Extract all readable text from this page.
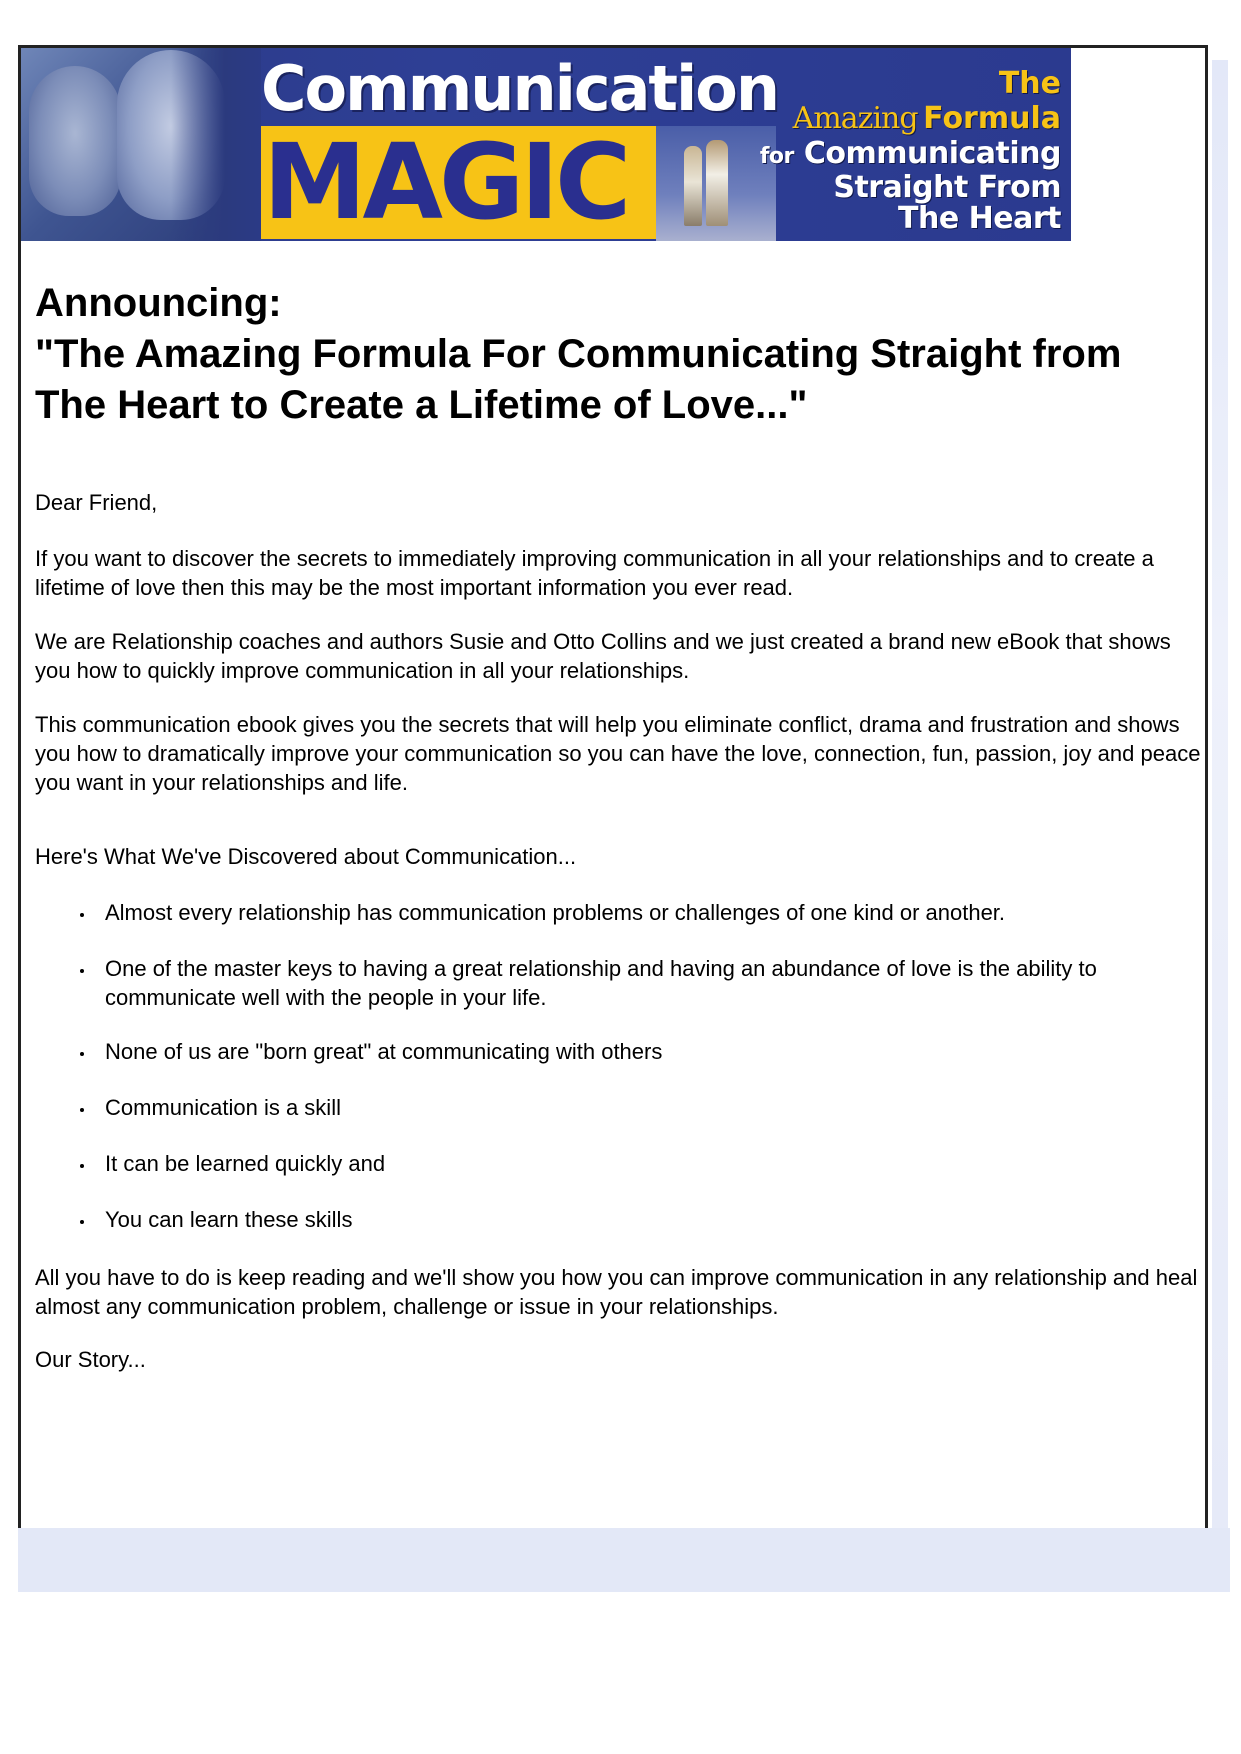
Communication
MAGIC
The
Amazing Formula
for Communicating
Straight From
The Heart
Announcing:
"The Amazing Formula For Communicating Straight from The Heart to Create a Lifetime of Love..."

Dear Friend,

If you want to discover the secrets to immediately improving communication in all your relationships and to create a lifetime of love then this may be the most important information you ever read.

We are Relationship coaches and authors Susie and Otto Collins and we just created a brand new eBook that shows you how to quickly improve communication in all your relationships.

This communication ebook gives you the secrets that will help you eliminate conflict, drama and frustration and shows you how to dramatically improve your communication so you can have the love, connection, fun, passion, joy and peace you want in your relationships and life.

Here's What We've Discovered about Communication...

Almost every relationship has communication problems or challenges of one kind or another.
One of the master keys to having a great relationship and having an abundance of love is the ability to communicate well with the people in your life.
None of us are "born great" at communicating with others
Communication is a skill
It can be learned quickly and
You can learn these skills

All you have to do is keep reading and we'll show you how you can improve communication in any relationship and heal almost any communication problem, challenge or issue in your relationships.

Our Story...
